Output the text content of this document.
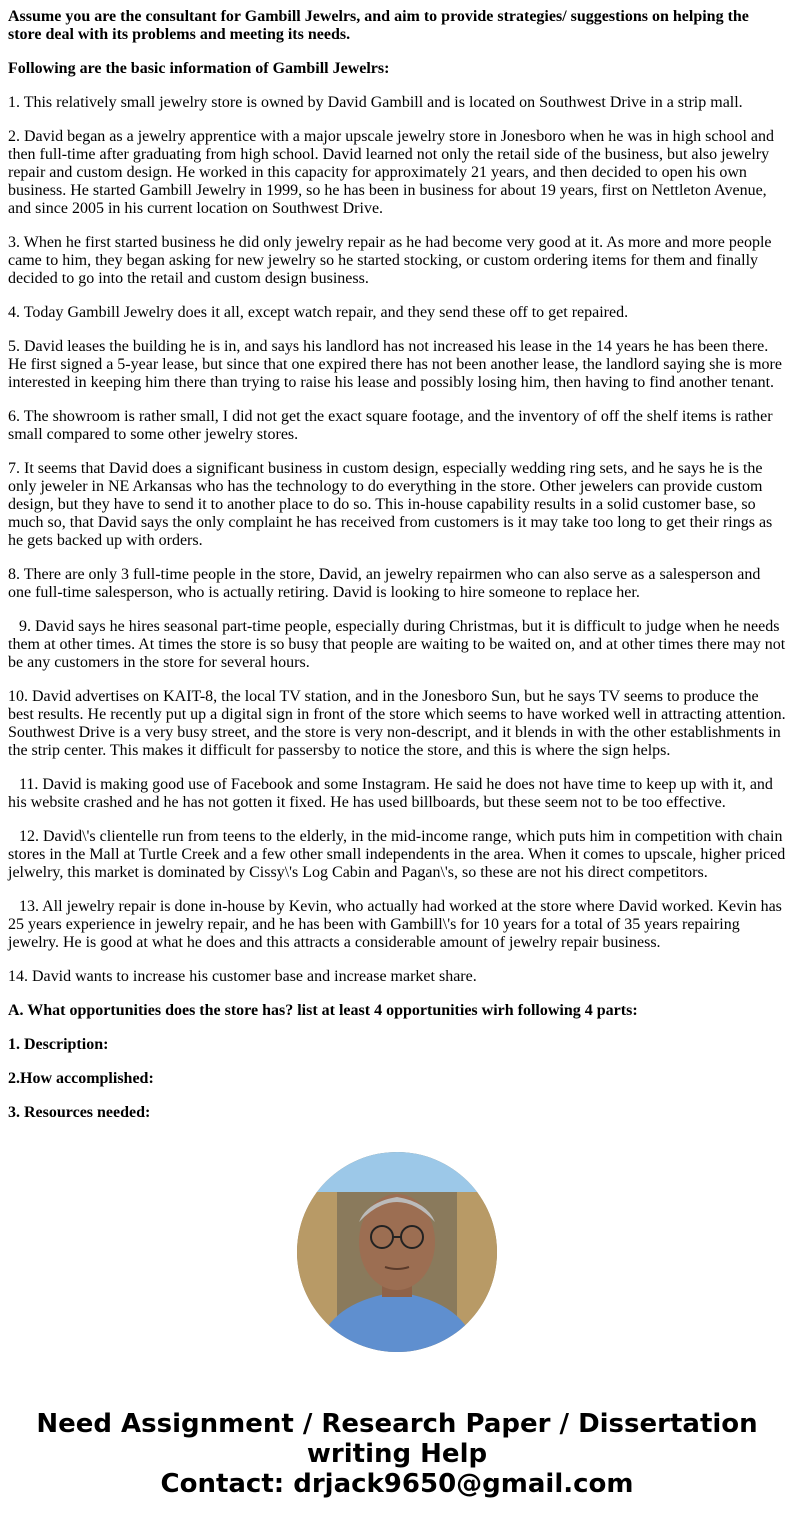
Assume you are the consultant for Gambill Jewelrs, and aim to provide strategies/ suggestions on helping the store deal with its problems and meeting its needs.

Following are the basic information of Gambill Jewelrs:

1. This relatively small jewelry store is owned by David Gambill and is located on Southwest Drive in a strip mall.

2. David began as a jewelry apprentice with a major upscale jewelry store in Jonesboro when he was in high school and then full-time after graduating from high school. David learned not only the retail side of the business, but also jewelry repair and custom design. He worked in this capacity for approximately 21 years, and then decided to open his own business. He started Gambill Jewelry in 1999, so he has been in business for about 19 years, first on Nettleton Avenue, and since 2005 in his current location on Southwest Drive.

3. When he first started business he did only jewelry repair as he had become very good at it. As more and more people came to him, they began asking for new jewelry so he started stocking, or custom ordering items for them and finally decided to go into the retail and custom design business.

4. Today Gambill Jewelry does it all, except watch repair, and they send these off to get repaired.

5. David leases the building he is in, and says his landlord has not increased his lease in the 14 years he has been there. He first signed a 5-year lease, but since that one expired there has not been another lease, the landlord saying she is more interested in keeping him there than trying to raise his lease and possibly losing him, then having to find another tenant.

6. The showroom is rather small, I did not get the exact square footage, and the inventory of off the shelf items is rather small compared to some other jewelry stores.

7. It seems that David does a significant business in custom design, especially wedding ring sets, and he says he is the only jeweler in NE Arkansas who has the technology to do everything in the store. Other jewelers can provide custom design, but they have to send it to another place to do so. This in-house capability results in a solid customer base, so much so, that David says the only complaint he has received from customers is it may take too long to get their rings as he gets backed up with orders.

8. There are only 3 full-time people in the store, David, an jewelry repairmen who can also serve as a salesperson and one full-time salesperson, who is actually retiring. David is looking to hire someone to replace her.

9. David says he hires seasonal part-time people, especially during Christmas, but it is difficult to judge when he needs them at other times. At times the store is so busy that people are waiting to be waited on, and at other times there may not be any customers in the store for several hours.

10. David advertises on KAIT-8, the local TV station, and in the Jonesboro Sun, but he says TV seems to produce the best results. He recently put up a digital sign in front of the store which seems to have worked well in attracting attention. Southwest Drive is a very busy street, and the store is very non-descript, and it blends in with the other establishments in the strip center. This makes it difficult for passersby to notice the store, and this is where the sign helps.

11. David is making good use of Facebook and some Instagram. He said he does not have time to keep up with it, and his website crashed and he has not gotten it fixed. He has used billboards, but these seem not to be too effective.

12. David\'s clientelle run from teens to the elderly, in the mid-income range, which puts him in competition with chain stores in the Mall at Turtle Creek and a few other small independents in the area. When it comes to upscale, higher priced jelwelry, this market is dominated by Cissy\'s Log Cabin and Pagan\'s, so these are not his direct competitors.

13. All jewelry repair is done in-house by Kevin, who actually had worked at the store where David worked. Kevin has 25 years experience in jewelry repair, and he has been with Gambill\'s for 10 years for a total of 35 years repairing jewelry. He is good at what he does and this attracts a considerable amount of jewelry repair business.

14. David wants to increase his customer base and increase market share.

A. What opportunities does the store has? list at least 4 opportunities wirh following 4 parts:

1. Description:

2.How accomplished:

3. Resources needed:

Need Assignment / Research Paper / Dissertation writing Help
Contact: drjack9650@gmail.com
